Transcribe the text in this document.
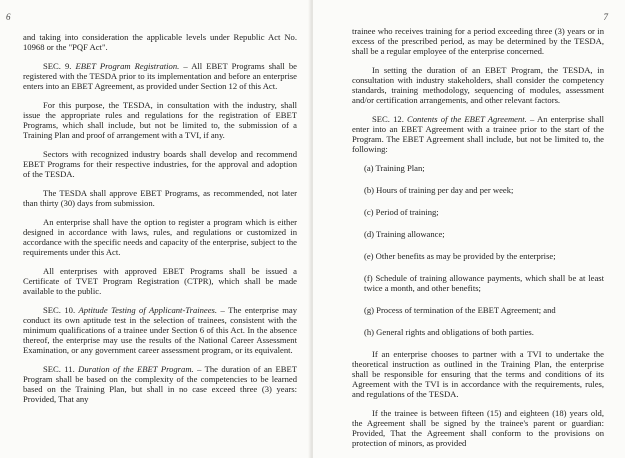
6

and taking into consideration the applicable levels under Republic Act No. 10968 or the "PQF Act".

SEC. 9. EBET Program Registration. – All EBET Programs shall be registered with the TESDA prior to its implementation and before an enterprise enters into an EBET Agreement, as provided under Section 12 of this Act.

For this purpose, the TESDA, in consultation with the industry, shall issue the appropriate rules and regulations for the registration of EBET Programs, which shall include, but not be limited to, the submission of a Training Plan and proof of arrangement with a TVI, if any.

Sectors with recognized industry boards shall develop and recommend EBET Programs for their respective industries, for the approval and adoption of the TESDA.

The TESDA shall approve EBET Programs, as recommended, not later than thirty (30) days from submission.

An enterprise shall have the option to register a program which is either designed in accordance with laws, rules, and regulations or customized in accordance with the specific needs and capacity of the enterprise, subject to the requirements under this Act.

All enterprises with approved EBET Programs shall be issued a Certificate of TVET Program Registration (CTPR), which shall be made available to the public.

SEC. 10. Aptitude Testing of Applicant-Trainees. – The enterprise may conduct its own aptitude test in the selection of trainees, consistent with the minimum qualifications of a trainee under Section 6 of this Act. In the absence thereof, the enterprise may use the results of the National Career Assessment Examination, or any government career assessment program, or its equivalent.

SEC. 11. Duration of the EBET Program. – The duration of an EBET Program shall be based on the complexity of the competencies to be learned based on the Training Plan, but shall in no case exceed three (3) years: Provided, That any

7

trainee who receives training for a period exceeding three (3) years or in excess of the prescribed period, as may be determined by the TESDA, shall be a regular employee of the enterprise concerned.

In setting the duration of an EBET Program, the TESDA, in consultation with industry stakeholders, shall consider the competency standards, training methodology, sequencing of modules, assessment and/or certification arrangements, and other relevant factors.

SEC. 12. Contents of the EBET Agreement. – An enterprise shall enter into an EBET Agreement with a trainee prior to the start of the Program. The EBET Agreement shall include, but not be limited to, the following:

(a) Training Plan;

(b) Hours of training per day and per week;

(c) Period of training;

(d) Training allowance;

(e) Other benefits as may be provided by the enterprise;

(f) Schedule of training allowance payments, which shall be at least twice a month, and other benefits;

(g) Process of termination of the EBET Agreement; and

(h) General rights and obligations of both parties.

If an enterprise chooses to partner with a TVI to undertake the theoretical instruction as outlined in the Training Plan, the enterprise shall be responsible for ensuring that the terms and conditions of its Agreement with the TVI is in accordance with the requirements, rules, and regulations of the TESDA.

If the trainee is between fifteen (15) and eighteen (18) years old, the Agreement shall be signed by the trainee's parent or guardian: Provided, That the Agreement shall conform to the provisions on protection of minors, as provided
